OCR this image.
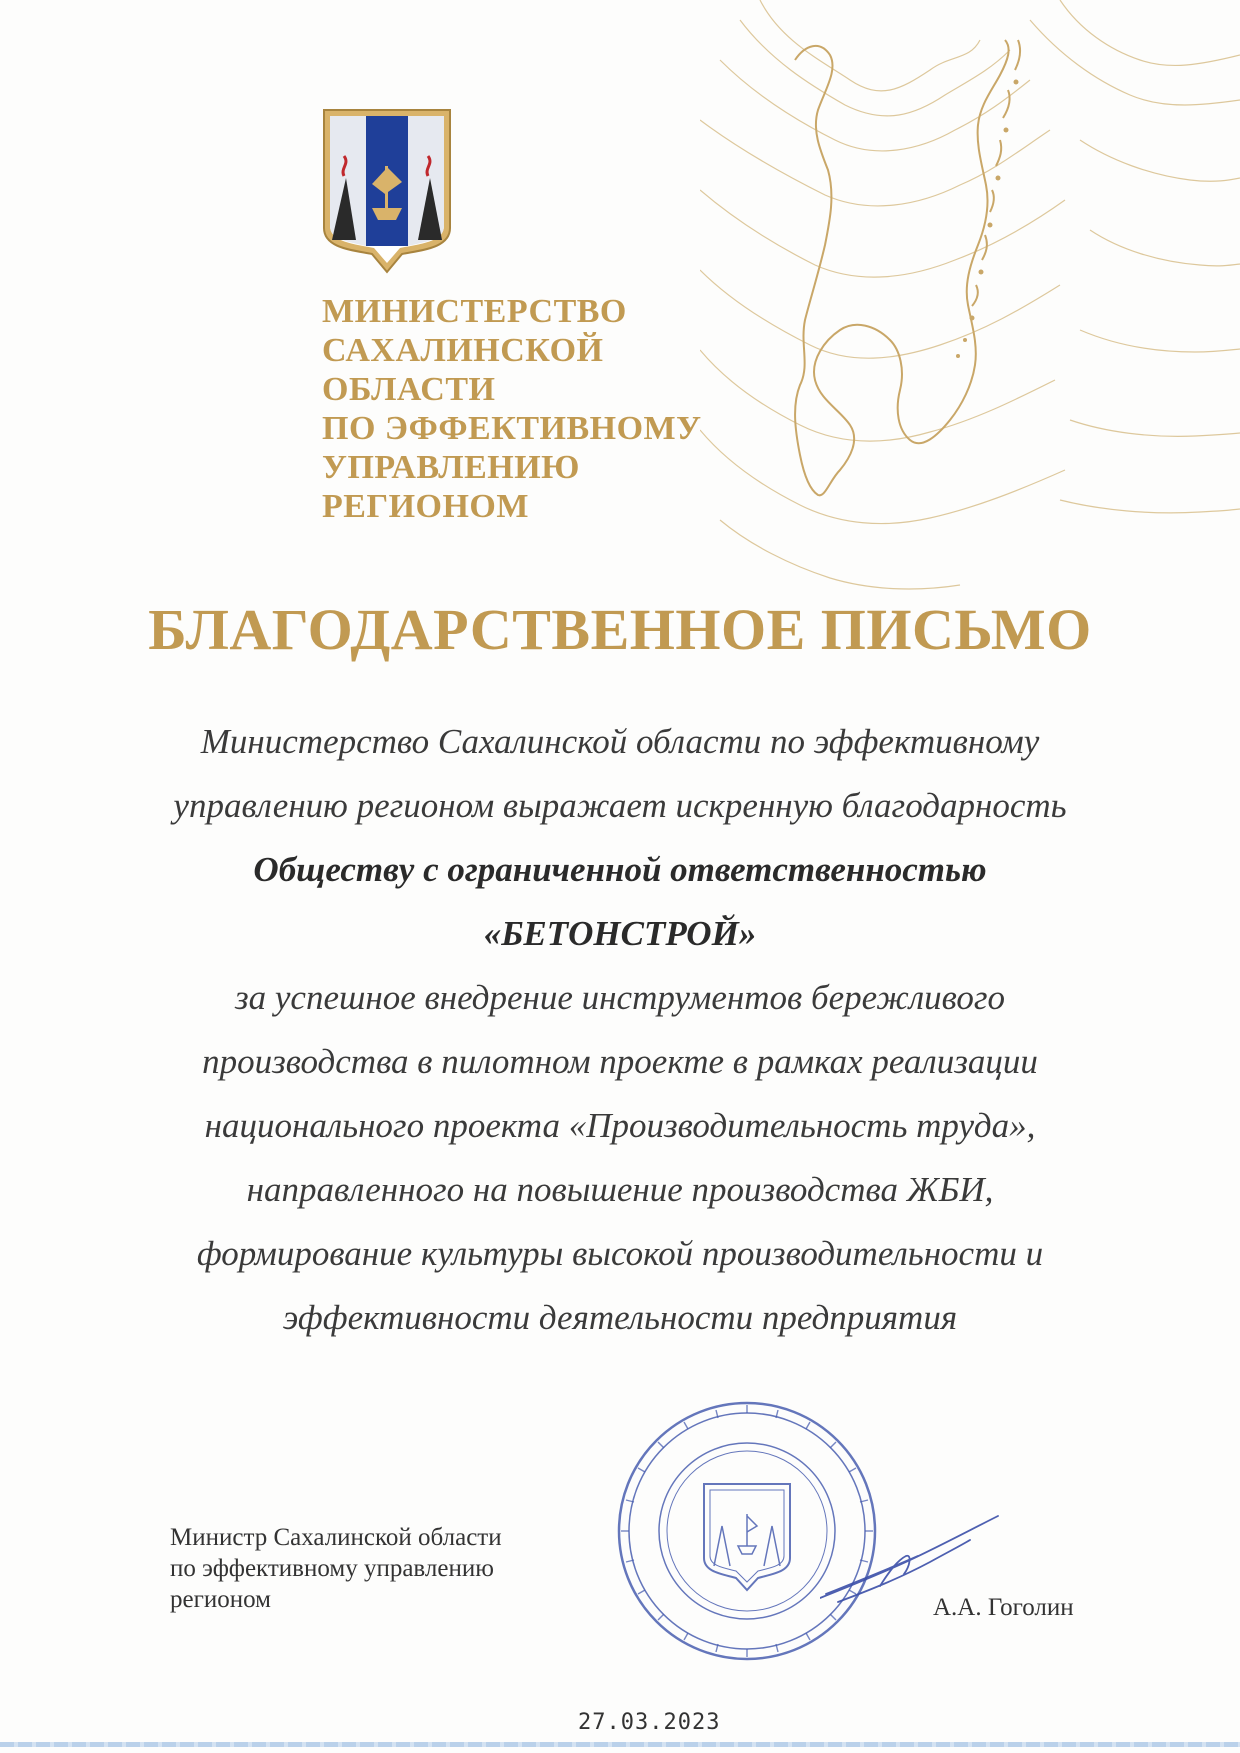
МИНИСТЕРСТВО
САХАЛИНСКОЙ
ОБЛАСТИ
ПО ЭФФЕКТИВНОМУ
УПРАВЛЕНИЮ
РЕГИОНОМ
БЛАГОДАРСТВЕННОЕ ПИСЬМО
Министерство Сахалинской области по эффективному
управлению регионом выражает искренную благодарность
Обществу с ограниченной ответственностью
«БЕТОНСТРОЙ»
за успешное внедрение инструментов бережливого
производства в пилотном проекте в рамках реализации
национального проекта «Производительность труда»,
направленного на повышение производства ЖБИ,
формирование культуры высокой производительности и
эффективности деятельности предприятия
Министр Сахалинской области
по эффективному управлению
регионом	А.А. Гоголин
27.03.2023
